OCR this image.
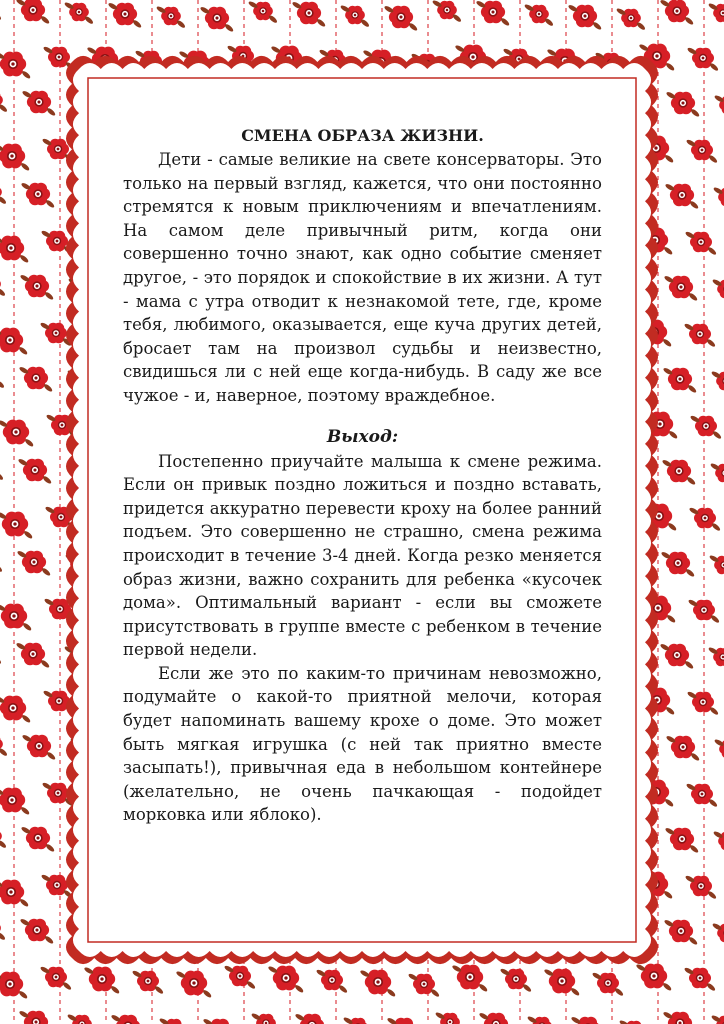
СМЕНА ОБРАЗА ЖИЗНИ.

Дети - самые великие на свете консерваторы. Это только на первый взгляд, кажется, что они постоянно стремятся к новым приключениям и впечатлениям. На самом деле привычный ритм, когда они совершенно точно знают, как одно событие сменяет другое, - это порядок и спокойствие в их жизни. А тут - мама с утра отводит к незнакомой тете, где, кроме тебя, любимого, оказывается, еще куча других детей, бросает там на произвол судьбы и неизвестно, свидишься ли с ней еще когда-нибудь. В саду же все чужое - и, наверное, поэтому враждебное.

Выход:

Постепенно приучайте малыша к смене режима. Если он привык поздно ложиться и поздно вставать, придется аккуратно перевести кроху на более ранний подъем. Это совершенно не страшно, смена режима происходит в течение 3-4 дней. Когда резко меняется образ жизни, важно сохранить для ребенка «кусочек дома». Оптимальный вариант - если вы сможете присутствовать в группе вместе с ребенком в течение первой недели.

Если же это по каким-то причинам невозможно, подумайте о какой-то приятной мелочи, которая будет напоминать вашему крохе о доме. Это может быть мягкая игрушка (с ней так приятно вместе засыпать!), привычная еда в небольшом контейнере (желательно, не очень пачкающая - подойдет морковка или яблоко).
